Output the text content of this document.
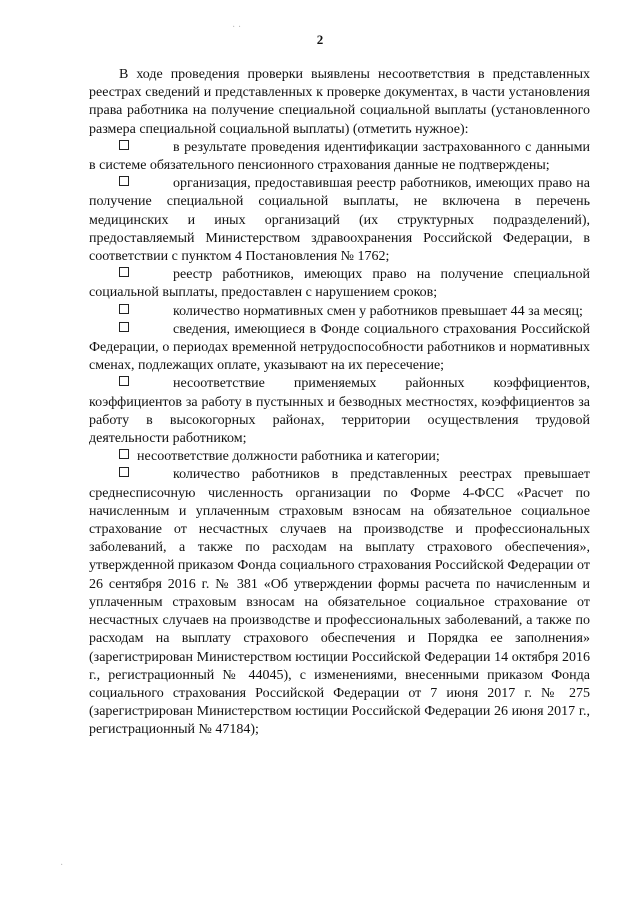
· ·
·
2

В ходе проведения проверки выявлены несоответствия в представленных реестрах сведений и представленных к проверке документах, в части установления права работника на получение специальной социальной выплаты (установленного размера специальной социальной выплаты) (отметить нужное):

в результате проведения идентификации застрахованного с данными в системе обязательного пенсионного страхования данные не подтверждены;

организация, предоставившая реестр работников, имеющих право на получение специальной социальной выплаты, не включена в перечень медицинских и иных организаций (их структурных подразделений), предоставляемый Министерством здравоохранения Российской Федерации, в соответствии с пунктом 4 Постановления № 1762;

реестр работников, имеющих право на получение специальной социальной выплаты, предоставлен с нарушением сроков;

количество нормативных смен у работников превышает 44 за месяц;

сведения, имеющиеся в Фонде социального страхования Российской Федерации, о периодах временной нетрудоспособности работников и нормативных сменах, подлежащих оплате, указывают на их пересечение;

несоответствие применяемых районных коэффициентов, коэффициентов за работу в пустынных и безводных местностях, коэффициентов за работу в высокогорных районах, территории осуществления трудовой деятельности работником;

несоответствие должности работника и категории;

количество работников в представленных реестрах превышает среднесписочную численность организации по Форме 4-ФСС «Расчет по начисленным и уплаченным страховым взносам на обязательное социальное страхование от несчастных случаев на производстве и профессиональных заболеваний, а также по расходам на выплату страхового обеспечения», утвержденной приказом Фонда социального страхования Российской Федерации от 26 сентября 2016 г. № 381 «Об утверждении формы расчета по начисленным и уплаченным страховым взносам на обязательное социальное страхование от несчастных случаев на производстве и профессиональных заболеваний, а также по расходам на выплату страхового обеспечения и Порядка ее заполнения» (зарегистрирован Министерством юстиции Российской Федерации 14 октября 2016 г., регистрационный № 44045), с изменениями, внесенными приказом Фонда социального страхования Российской Федерации от 7 июня 2017 г. № 275 (зарегистрирован Министерством юстиции Российской Федерации 26 июня 2017 г., регистрационный № 47184);
